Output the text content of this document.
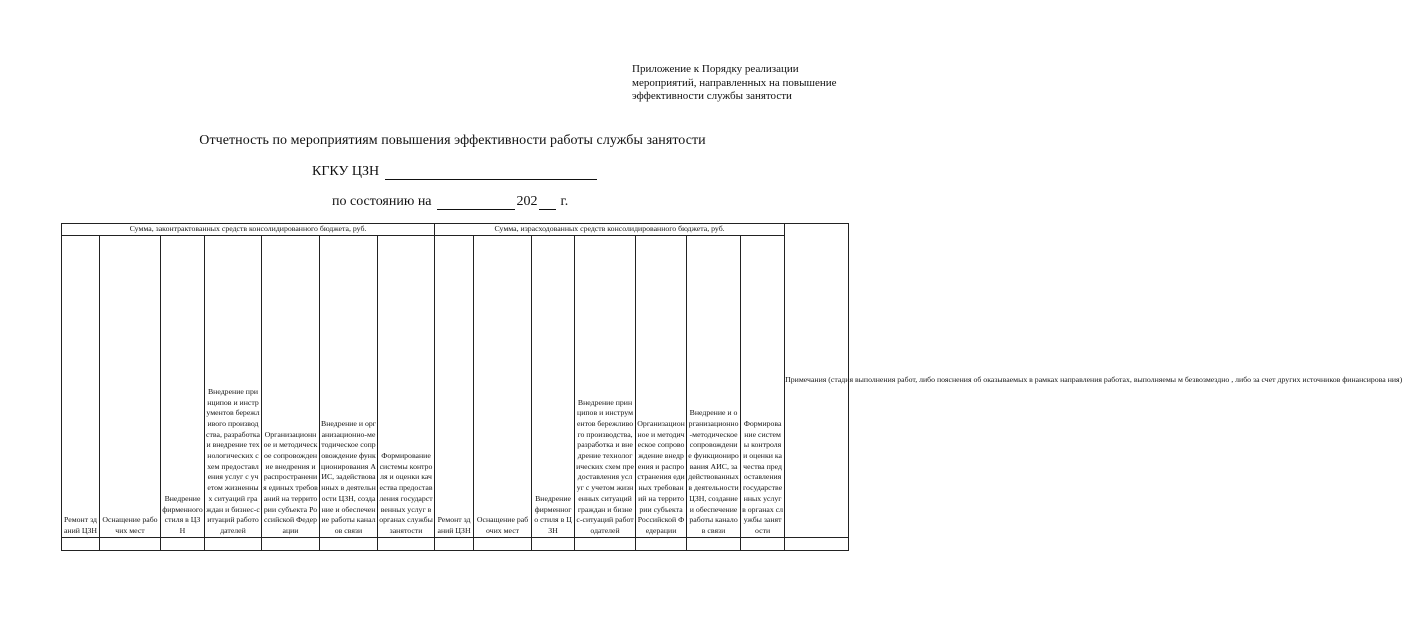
Приложение к Порядку реализации мероприятий, направленных на повышение эффективности службы занятости
Отчетность по мероприятиям повышения эффективности работы службы занятости
КГКУ ЦЗН
по состоянию на	202 г.
Сумма, законтрактованных средств консолидированного бюджета, руб.							Сумма, израсходованных средств консолидированного бюджета, руб.							Примечания (стадия выполнения работ, либо пояснения об оказываемых в рамках направления работах, выполняемы м безвозмездно , либо за счет других источников финансирова ния)
Ремонт зданий ЦЗН	Оснащение рабочих мест	Внедрение фирменного стиля в ЦЗН	Внедрение принципов и инструментов бережливого производства, разработка и внедрение технологических схем предоставления услуг с учетом жизненных ситуаций граждан и бизнес-ситуаций работодателей	Организационное и методическое сопровождение внедрения и распространения единых требований на территории субъекта Российской Федерации	Внедрение и организационно-методическое сопровождение функционирования АИС, задействованных в деятельности ЦЗН, создание и обеспечение работы каналов связи	Формирование системы контроля и оценки качества предоставления государственных услуг в органах службы занятости	Ремонт зданий ЦЗН	Оснащение рабочих мест	Внедрение фирменного стиля в ЦЗН	Внедрение принципов и инструментов бережливого производства, разработка и внедрение технологических схем предоставления услуг с учетом жизненных ситуаций граждан и бизнес-ситуаций работодателей	Организационное и методическое сопровождение внедрения и распространения единых требований на территории субъекта Российской Федерации	Внедрение и организационно-методическое сопровождение функционирования АИС, задействованных в деятельности ЦЗН, создание и обеспечение работы каналов связи	Формирование системы контроля и оценки качества предоставления государственных услуг в органах службы занятости	
